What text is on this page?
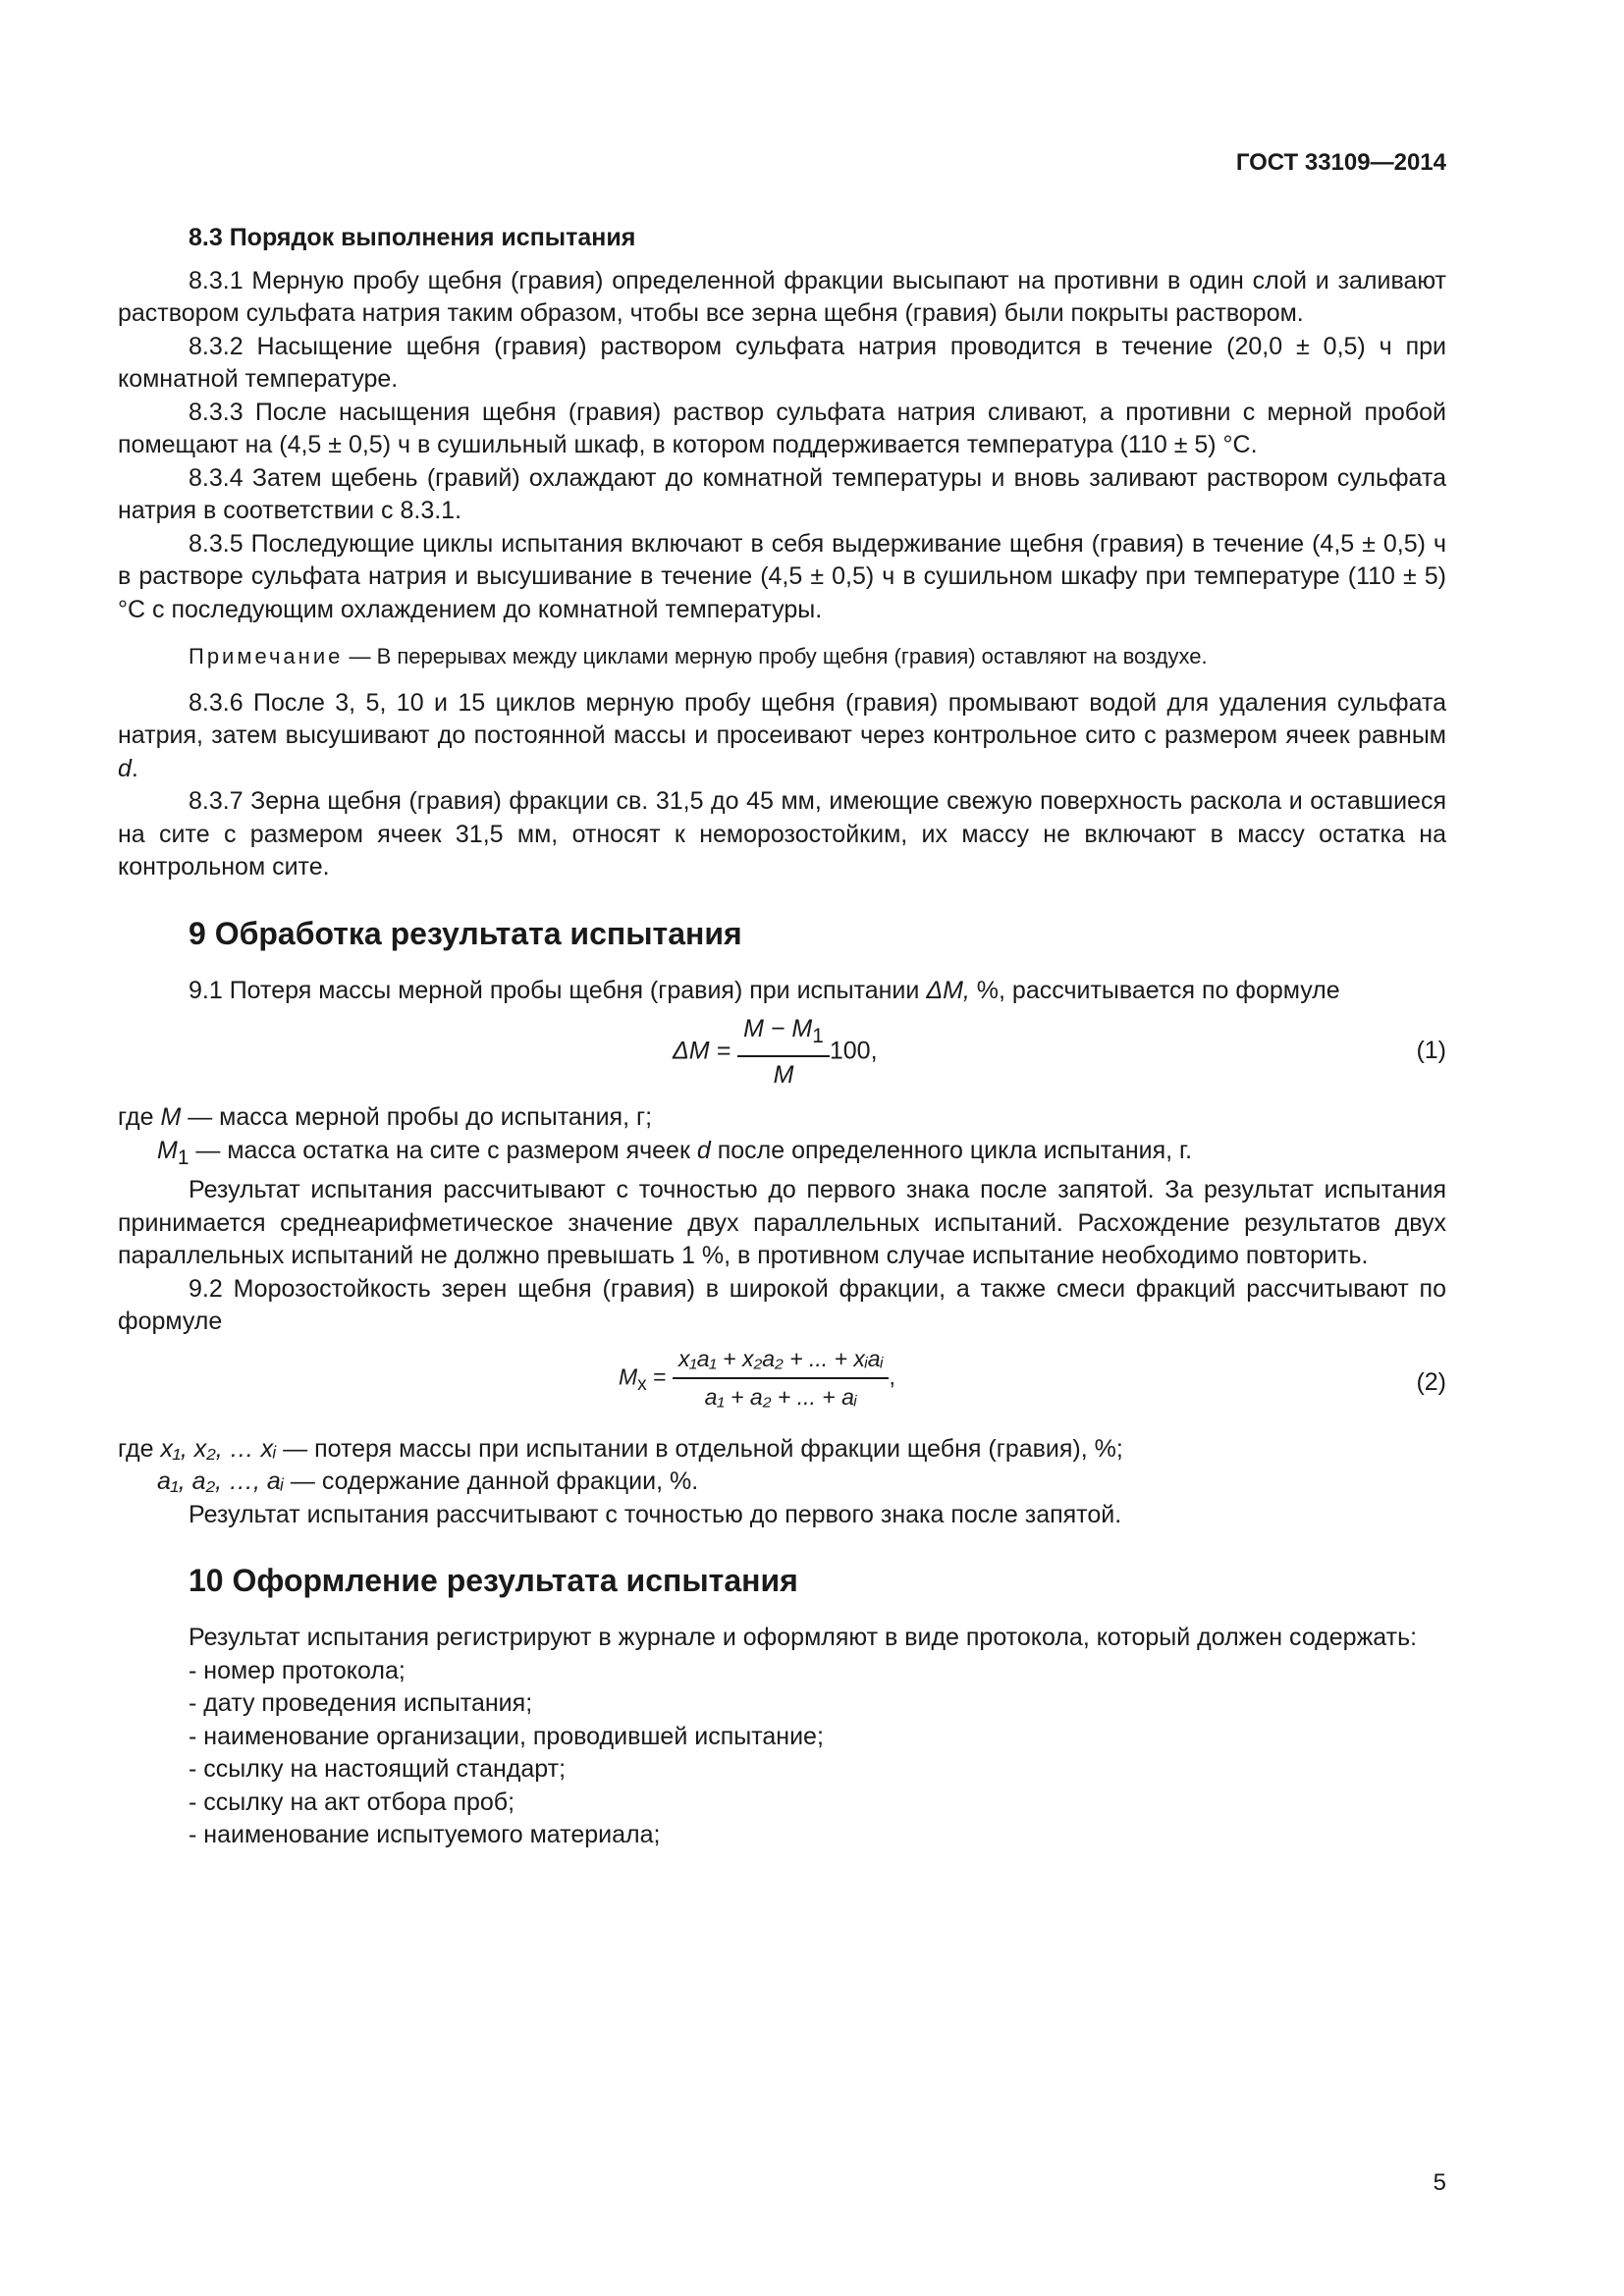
ГОСТ 33109—2014
8.3 Порядок выполнения испытания

8.3.1 Мерную пробу щебня (гравия) определенной фракции высыпают на противни в один слой и заливают раствором сульфата натрия таким образом, чтобы все зерна щебня (гравия) были покрыты раствором.

8.3.2 Насыщение щебня (гравия) раствором сульфата натрия проводится в течение (20,0 ± 0,5) ч при комнатной температуре.

8.3.3 После насыщения щебня (гравия) раствор сульфата натрия сливают, а противни с мерной пробой помещают на (4,5 ± 0,5) ч в сушильный шкаф, в котором поддерживается температура (110 ± 5) °С.

8.3.4 Затем щебень (гравий) охлаждают до комнатной температуры и вновь заливают раствором сульфата натрия в соответствии с 8.3.1.

8.3.5 Последующие циклы испытания включают в себя выдерживание щебня (гравия) в течение (4,5 ± 0,5) ч в растворе сульфата натрия и высушивание в течение (4,5 ± 0,5) ч в сушильном шкафу при температуре (110 ± 5) °С с последующим охлаждением до комнатной температуры.

Примечание — В перерывах между циклами мерную пробу щебня (гравия) оставляют на воздухе.

8.3.6 После 3, 5, 10 и 15 циклов мерную пробу щебня (гравия) промывают водой для удаления сульфата натрия, затем высушивают до постоянной массы и просеивают через контрольное сито с размером ячеек равным d.

8.3.7 Зерна щебня (гравия) фракции св. 31,5 до 45 мм, имеющие свежую поверхность раскола и оставшиеся на сите с размером ячеек 31,5 мм, относят к неморозостойким, их массу не включают в массу остатка на контрольном сите.

9 Обработка результата испытания

9.1 Потеря массы мерной пробы щебня (гравия) при испытании ΔM, %, рассчитывается по формуле

$\Delta M = \frac{M - M_1}{M} 100$,	(1)

где M — масса мерной пробы до испытания, г;

$M_1$ — масса остатка на сите с размером ячеек d после определенного цикла испытания, г.

Результат испытания рассчитывают с точностью до первого знака после запятой. За результат испытания принимается среднеарифметическое значение двух параллельных испытаний. Расхождение результатов двух параллельных испытаний не должно превышать 1 %, в противном случае испытание необходимо повторить.

9.2 Морозостойкость зерен щебня (гравия) в широкой фракции, а также смеси фракций рассчитывают по формуле

$M_x = \frac{\text{x₁a₁ + x₂a₂ + ... + xᵢaᵢ}}{\text{a₁ + a₂ + ... + aᵢ}}$ ,	(2)

где x₁, x₂, … xᵢ — потеря массы при испытании в отдельной фракции щебня (гравия), %;

a₁, a₂, …, aᵢ — содержание данной фракции, %.

Результат испытания рассчитывают с точностью до первого знака после запятой.

10 Оформление результата испытания

Результат испытания регистрируют в журнале и оформляют в виде протокола, который должен содержать:

- номер протокола;

- дату проведения испытания;

- наименование организации, проводившей испытание;

- ссылку на настоящий стандарт;

- ссылку на акт отбора проб;

- наименование испытуемого материала;

5
